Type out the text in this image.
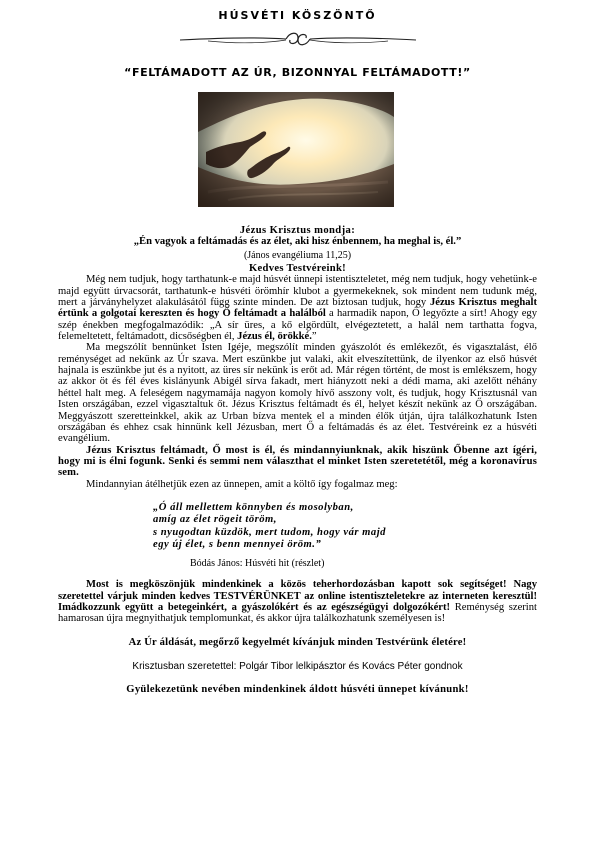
HÚSVÉTI KÖSZÖNTŐ
“FELTÁMADOTT AZ ÚR, BIZONNYAL FELTÁMADOTT!”
Jézus Krisztus mondja:
„Én vagyok a feltámadás és az élet, aki hisz énbennem, ha meghal is, él.”
(János evangéliuma 11,25)
Kedves Testvéreink!

Még nem tudjuk, hogy tarthatunk-e majd húsvét ünnepi istentiszteletet, még nem tudjuk, hogy vehetünk-e majd együtt úrvacsorát, tarthatunk-e húsvéti örömhír klubot a gyermekeknek, sok mindent nem tudunk még, mert a járványhelyzet alakulásától függ szinte minden. De azt biztosan tudjuk, hogy Jézus Krisztus meghalt értünk a golgotai kereszten és hogy Ő feltámadt a halálból a harmadik napon, Ő legyőzte a sírt! Ahogy egy szép énekben megfogalmazódik: „A sír üres, a kő elgördült, elvégeztetett, a halál nem tarthatta fogva, felemeltetett, feltámadott, dicsőségben él, Jézus él, örökké.”

Ma megszólít bennünket Isten Igéje, megszólít minden gyászolót és emlékezőt, és vigasztalást, élő reménységet ad nekünk az Úr szava. Mert eszünkbe jut valaki, akit elveszítettünk, de ilyenkor az első húsvét hajnala is eszünkbe jut és a nyitott, az üres sír nekünk is erőt ad. Már régen történt, de most is emlékszem, hogy az akkor öt és fél éves kislányunk Abigél sírva fakadt, mert hiányzott neki a dédi mama, aki azelőtt néhány héttel halt meg. A feleségem nagymamája nagyon komoly hívő asszony volt, és tudjuk, hogy Krisztusnál van Isten országában, ezzel vigasztaltuk őt. Jézus Krisztus feltámadt és él, helyet készít nekünk az Ő országában. Meggyászott szeretteinkkel, akik az Urban bízva mentek el a minden élők útján, újra találkozhatunk Isten országában és ehhez csak hinnünk kell Jézusban, mert Ő a feltámadás és az élet. Testvéreink ez a húsvéti evangélium.

Jézus Krisztus feltámadt, Ő most is él, és mindannyiunknak, akik hiszünk Őbenne azt ígéri, hogy mi is élni fogunk. Senki és semmi nem választhat el minket Isten szeretetétől, még a koronavírus sem.

Mindannyian átélhetjük ezen az ünnepen, amit a költő így fogalmaz meg:

„Ó áll mellettem könnyben és mosolyban,
amíg az élet rögeit töröm,
s nyugodtan küzdök, mert tudom, hogy vár majd
egy új élet, s benn mennyei öröm.”
Bódás János: Húsvéti hit (részlet)

Most is megköszönjük mindenkinek a közös teherhordozásban kapott sok segítséget! Nagy szeretettel várjuk minden kedves TESTVÉRÜNKET az online istentiszteletekre az interneten keresztül! Imádkozzunk együtt a betegeinkért, a gyászolókért és az egészségügyi dolgozókért! Reménység szerint hamarosan újra megnyithatjuk templomunkat, és akkor újra találkozhatunk személyesen is!

Az Úr áldását, megőrző kegyelmét kívánjuk minden Testvérünk életére!
Krisztusban szeretettel: Polgár Tibor lelkipásztor és Kovács Péter gondnok
Gyülekezetünk nevében mindenkinek áldott húsvéti ünnepet kívánunk!
